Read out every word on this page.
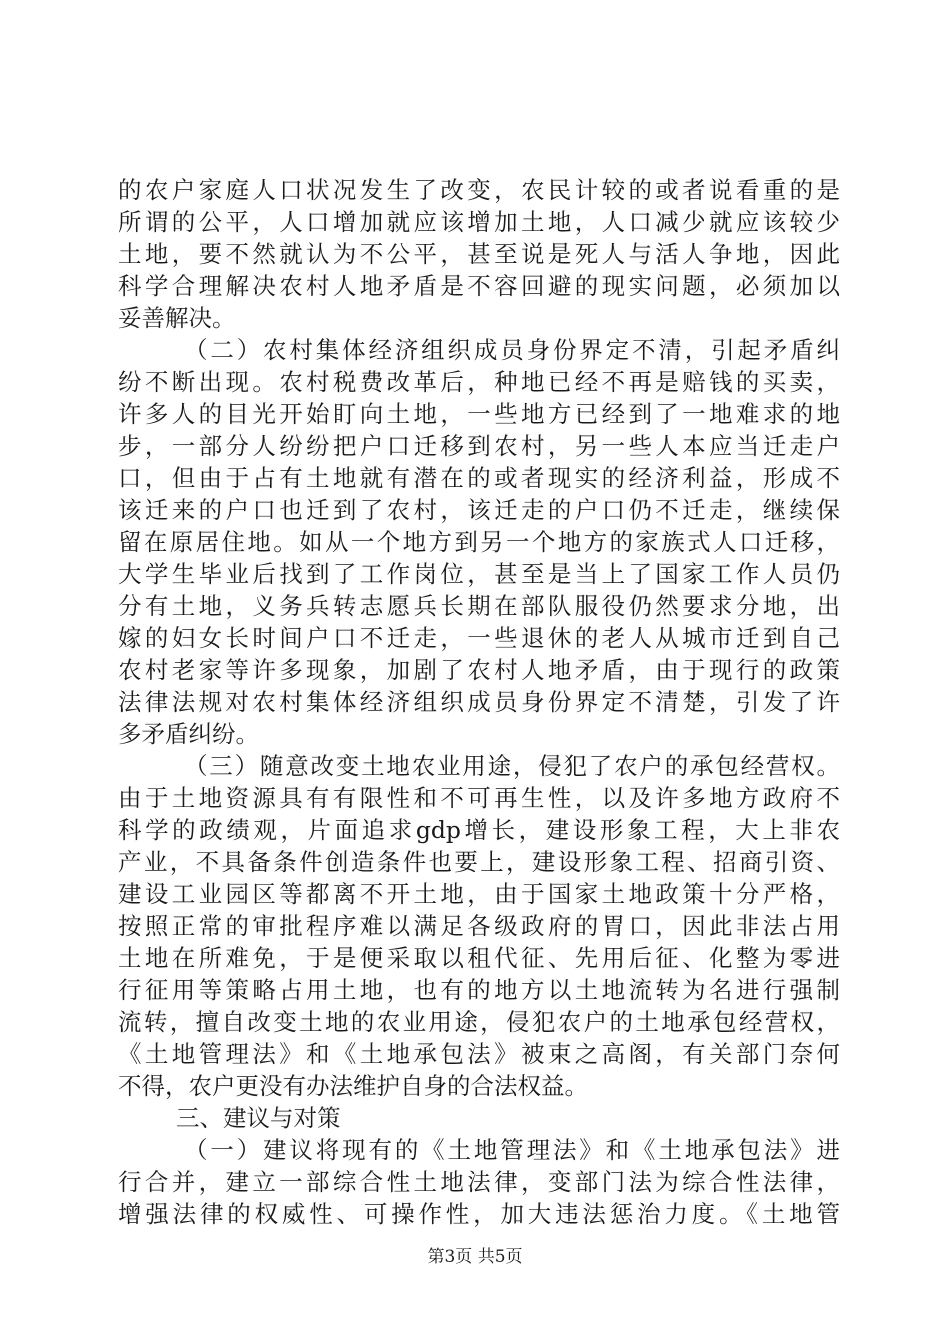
的农户家庭人口状况发生了改变，农民计较的或者说看重的是
所谓的公平，人口增加就应该增加土地，人口减少就应该较少
土地，要不然就认为不公平，甚至说是死人与活人争地，因此
科学合理解决农村人地矛盾是不容回避的现实问题，必须加以
妥善解决。
（二）农村集体经济组织成员身份界定不清，引起矛盾纠
纷不断出现。农村税费改革后，种地已经不再是赔钱的买卖，
许多人的目光开始盯向土地，一些地方已经到了一地难求的地
步，一部分人纷纷把户口迁移到农村，另一些人本应当迁走户
口，但由于占有土地就有潜在的或者现实的经济利益，形成不
该迁来的户口也迁到了农村，该迁走的户口仍不迁走，继续保
留在原居住地。如从一个地方到另一个地方的家族式人口迁移，
大学生毕业后找到了工作岗位，甚至是当上了国家工作人员仍
分有土地，义务兵转志愿兵长期在部队服役仍然要求分地，出
嫁的妇女长时间户口不迁走，一些退休的老人从城市迁到自己
农村老家等许多现象，加剧了农村人地矛盾，由于现行的政策
法律法规对农村集体经济组织成员身份界定不清楚，引发了许
多矛盾纠纷。
（三）随意改变土地农业用途，侵犯了农户的承包经营权。
由于土地资源具有有限性和不可再生性，以及许多地方政府不
科学的政绩观，片面追求gdp增长，建设形象工程，大上非农
产业，不具备条件创造条件也要上，建设形象工程、招商引资、
建设工业园区等都离不开土地，由于国家土地政策十分严格，
按照正常的审批程序难以满足各级政府的胃口，因此非法占用
土地在所难免，于是便采取以租代征、先用后征、化整为零进
行征用等策略占用土地，也有的地方以土地流转为名进行强制
流转，擅自改变土地的农业用途，侵犯农户的土地承包经营权，
《土地管理法》和《土地承包法》被束之高阁，有关部门奈何
不得，农户更没有办法维护自身的合法权益。
三、建议与对策
（一）建议将现有的《土地管理法》和《土地承包法》进
行合并，建立一部综合性土地法律，变部门法为综合性法律，
增强法律的权威性、可操作性，加大违法惩治力度。《土地管
第3页 共5页
